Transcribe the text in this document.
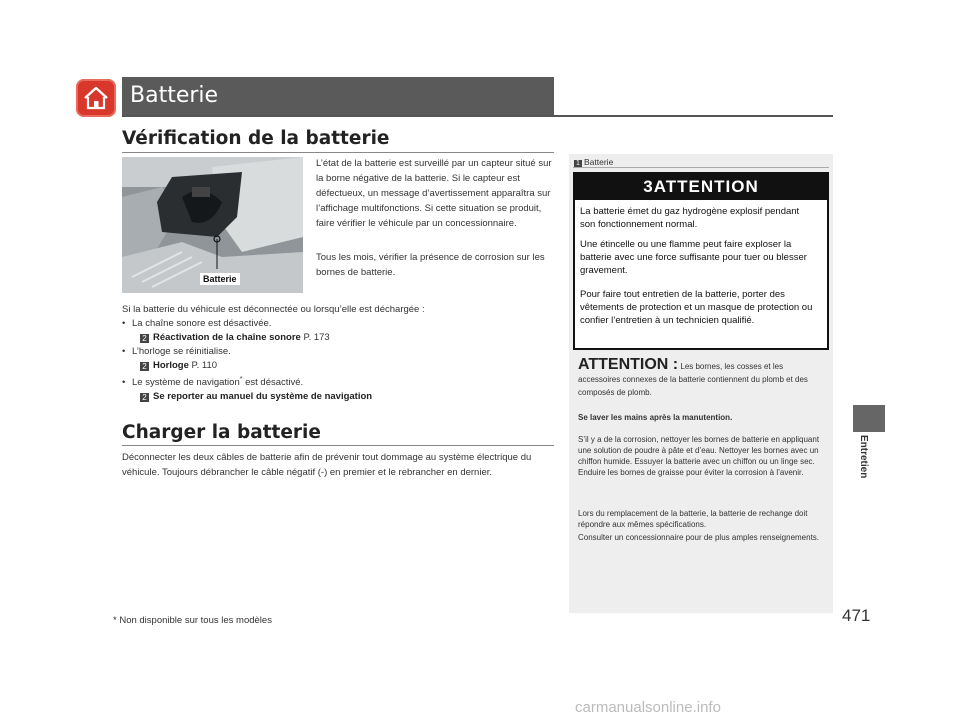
Batterie
Vérification de la batterie
Batterie
L’état de la batterie est surveillé par un capteur situé sur la borne négative de la batterie. Si le capteur est défectueux, un message d’avertissement apparaîtra sur l’affichage multifonctions. Si cette situation se produit, faire vérifier le véhicule par un concessionnaire.
Tous les mois, vérifier la présence de corrosion sur les bornes de batterie.
Si la batterie du véhicule est déconnectée ou lorsqu’elle est déchargée :
• La chaîne sonore est désactivée.
2 Réactivation de la chaîne sonore P. 173
• L’horloge se réinitialise.
2 Horloge P. 110
• Le système de navigation* est désactivé.
2 Se reporter au manuel du système de navigation
Charger la batterie
Déconnecter les deux câbles de batterie afin de prévenir tout dommage au système électrique du véhicule. Toujours débrancher le câble négatif (-) en premier et le rebrancher en dernier.
1 Batterie
3ATTENTION
La batterie émet du gaz hydrogène explosif pendant son fonctionnement normal.
Une étincelle ou une flamme peut faire exploser la batterie avec une force suffisante pour tuer ou blesser gravement.
Pour faire tout entretien de la batterie, porter des vêtements de protection et un masque de protection ou confier l’entretien à un technicien qualifié.
ATTENTION : Les bornes, les cosses et les accessoires connexes de la batterie contiennent du plomb et des composés de plomb.
Se laver les mains après la manutention.
S’il y a de la corrosion, nettoyer les bornes de batterie en appliquant une solution de poudre à pâte et d’eau. Nettoyer les bornes avec un chiffon humide. Essuyer la batterie avec un chiffon ou un linge sec. Enduire les bornes de graisse pour éviter la corrosion à l’avenir.
Lors du remplacement de la batterie, la batterie de rechange doit répondre aux mêmes spécifications.
Consulter un concessionnaire pour de plus amples renseignements.
Entretien
471
* Non disponible sur tous les modèles
carmanualsonline.info
